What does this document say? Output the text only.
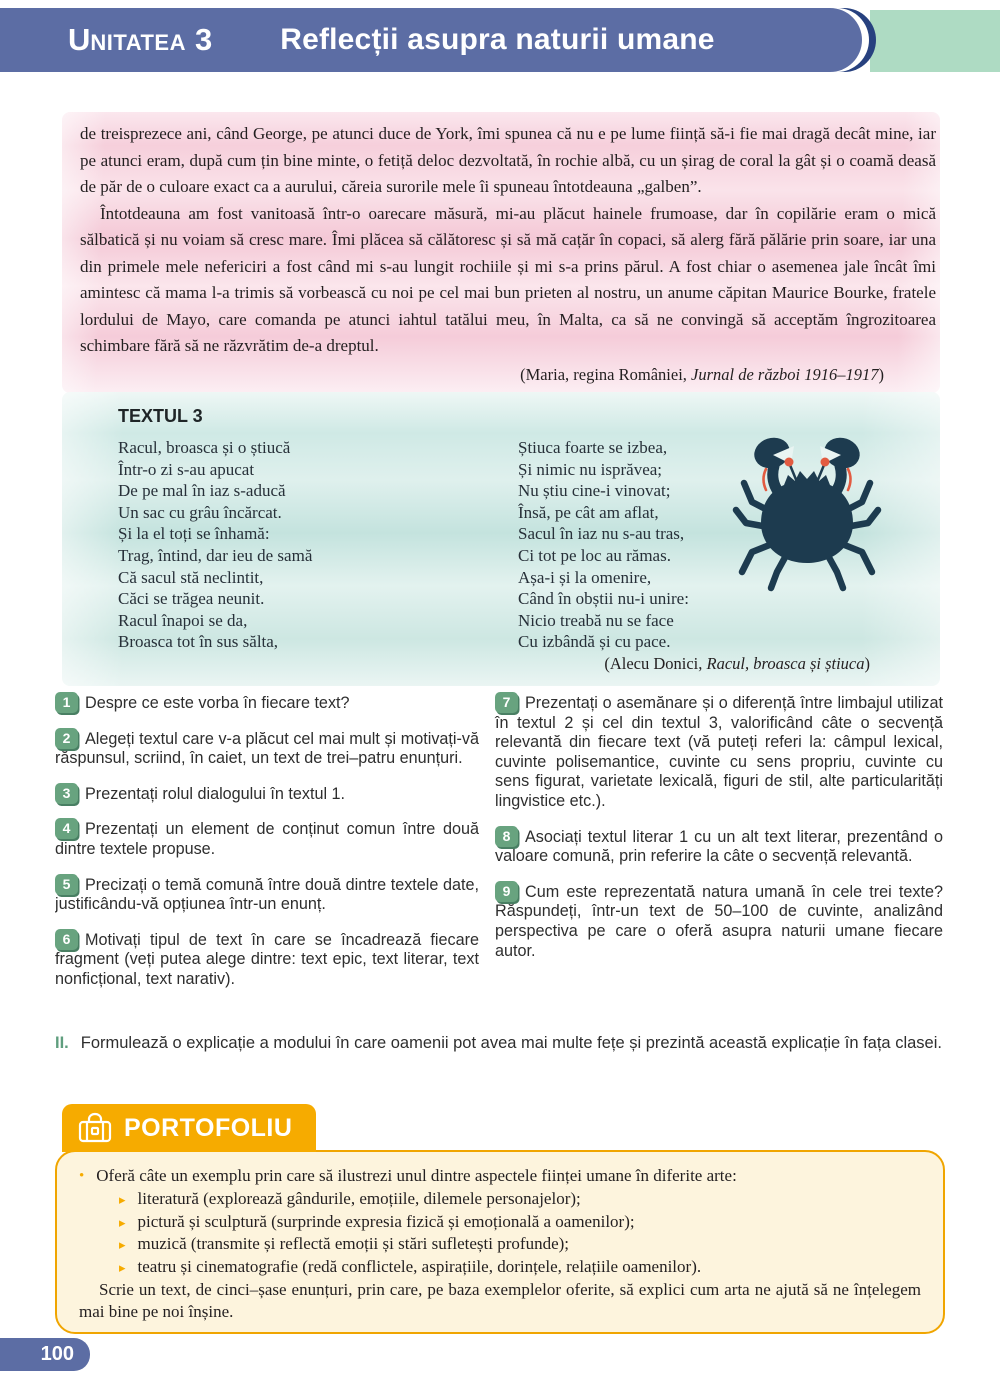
UNITATEA 3 Reflecții asupra naturii umane

de treisprezece ani, când George, pe atunci duce de York, îmi spunea că nu e pe lume ființă să-i fie mai dragă decât mine, iar pe atunci eram, după cum țin bine minte, o fetiță deloc dezvoltată, în rochie albă, cu un șirag de coral la gât și o coamă deasă de păr de o culoare exact ca a aurului, căreia surorile mele îi spuneau întotdeauna „galben”.

Întotdeauna am fost vanitoasă într-o oarecare măsură, mi-au plăcut hainele frumoase, dar în copilărie eram o mică sălbatică și nu voiam să cresc mare. Îmi plăcea să călătoresc și să mă cațăr în copaci, să alerg fără pălărie prin soare, iar una din primele mele nefericiri a fost când mi s-au lungit rochiile și mi s-a prins părul. A fost chiar o asemenea jale încât îmi amintesc că mama l-a trimis să vorbească cu noi pe cel mai bun prieten al nostru, un anume căpitan Maurice Bourke, fratele lordului de Mayo, care comanda pe atunci iahtul tatălui meu, în Malta, ca să ne convingă să acceptăm îngrozitoarea schimbare fără să ne răzvrătim de-a dreptul.

(Maria, regina României, Jurnal de război 1916–1917)
TEXTUL 3
Racul, broasca și o știucă
Într-o zi s-au apucat
De pe mal în iaz s-aducă
Un sac cu grâu încărcat.
Și la el toți se înhamă:
Trag, întind, dar ieu de samă
Că sacul stă neclintit,
Căci se trăgea neunit.
Racul înapoi se da,
Broasca tot în sus sălta,
Știuca foarte se izbea,
Și nimic nu isprăvea;
Nu știu cine-i vinovat;
Însă, pe cât am aflat,
Sacul în iaz nu s-au tras,
Ci tot pe loc au rămas.
Așa-i și la omenire,
Când în obștii nu-i unire:
Nicio treabă nu se face
Cu izbândă și cu pace.
(Alecu Donici, Racul, broasca și știuca)

1 Despre ce este vorba în fiecare text?

2 Alegeți textul care v-a plăcut cel mai mult și motivați-vă răspunsul, scriind, în caiet, un text de trei–patru enunțuri.

3 Prezentați rolul dialogului în textul 1.

4 Prezentați un element de conținut comun între două dintre textele propuse.

5 Precizați o temă comună între două dintre textele date, justificându-vă opțiunea într-un enunț.

6 Motivați tipul de text în care se încadrează fiecare fragment (veți putea alege dintre: text epic, text literar, text nonficțional, text narativ).

7 Prezentați o asemănare și o diferență între limbajul utilizat în textul 2 și cel din textul 3, valorificând câte o secvență relevantă din fiecare text (vă puteți referi la: câmpul lexical, cuvinte polisemantice, cuvinte cu sens propriu, cuvinte cu sens figurat, varietate lexicală, figuri de stil, alte particularități lingvistice etc.).

8 Asociați textul literar 1 cu un alt text literar, prezentând o valoare comună, prin referire la câte o secvență relevantă.

9 Cum este reprezentată natura umană în cele trei texte? Răspundeți, într-un text de 50–100 de cuvinte, analizând perspectiva pe care o oferă asupra naturii umane fiecare autor.

II. Formulează o explicație a modului în care oamenii pot avea mai multe fețe și prezintă această explicație în fața clasei.
PORTOFOLIU

• Oferă câte un exemplu prin care să ilustrezi unul dintre aspectele ființei umane în diferite arte:

▸ literatură (explorează gândurile, emoțiile, dilemele personajelor);

▸ pictură și sculptură (surprinde expresia fizică și emoțională a oamenilor);

▸ muzică (transmite și reflectă emoții și stări sufletești profunde);

▸ teatru și cinematografie (redă conflictele, aspirațiile, dorințele, relațiile oamenilor).

Scrie un text, de cinci–șase enunțuri, prin care, pe baza exemplelor oferite, să explici cum arta ne ajută să ne înțelegem mai bine pe noi înșine.

100
